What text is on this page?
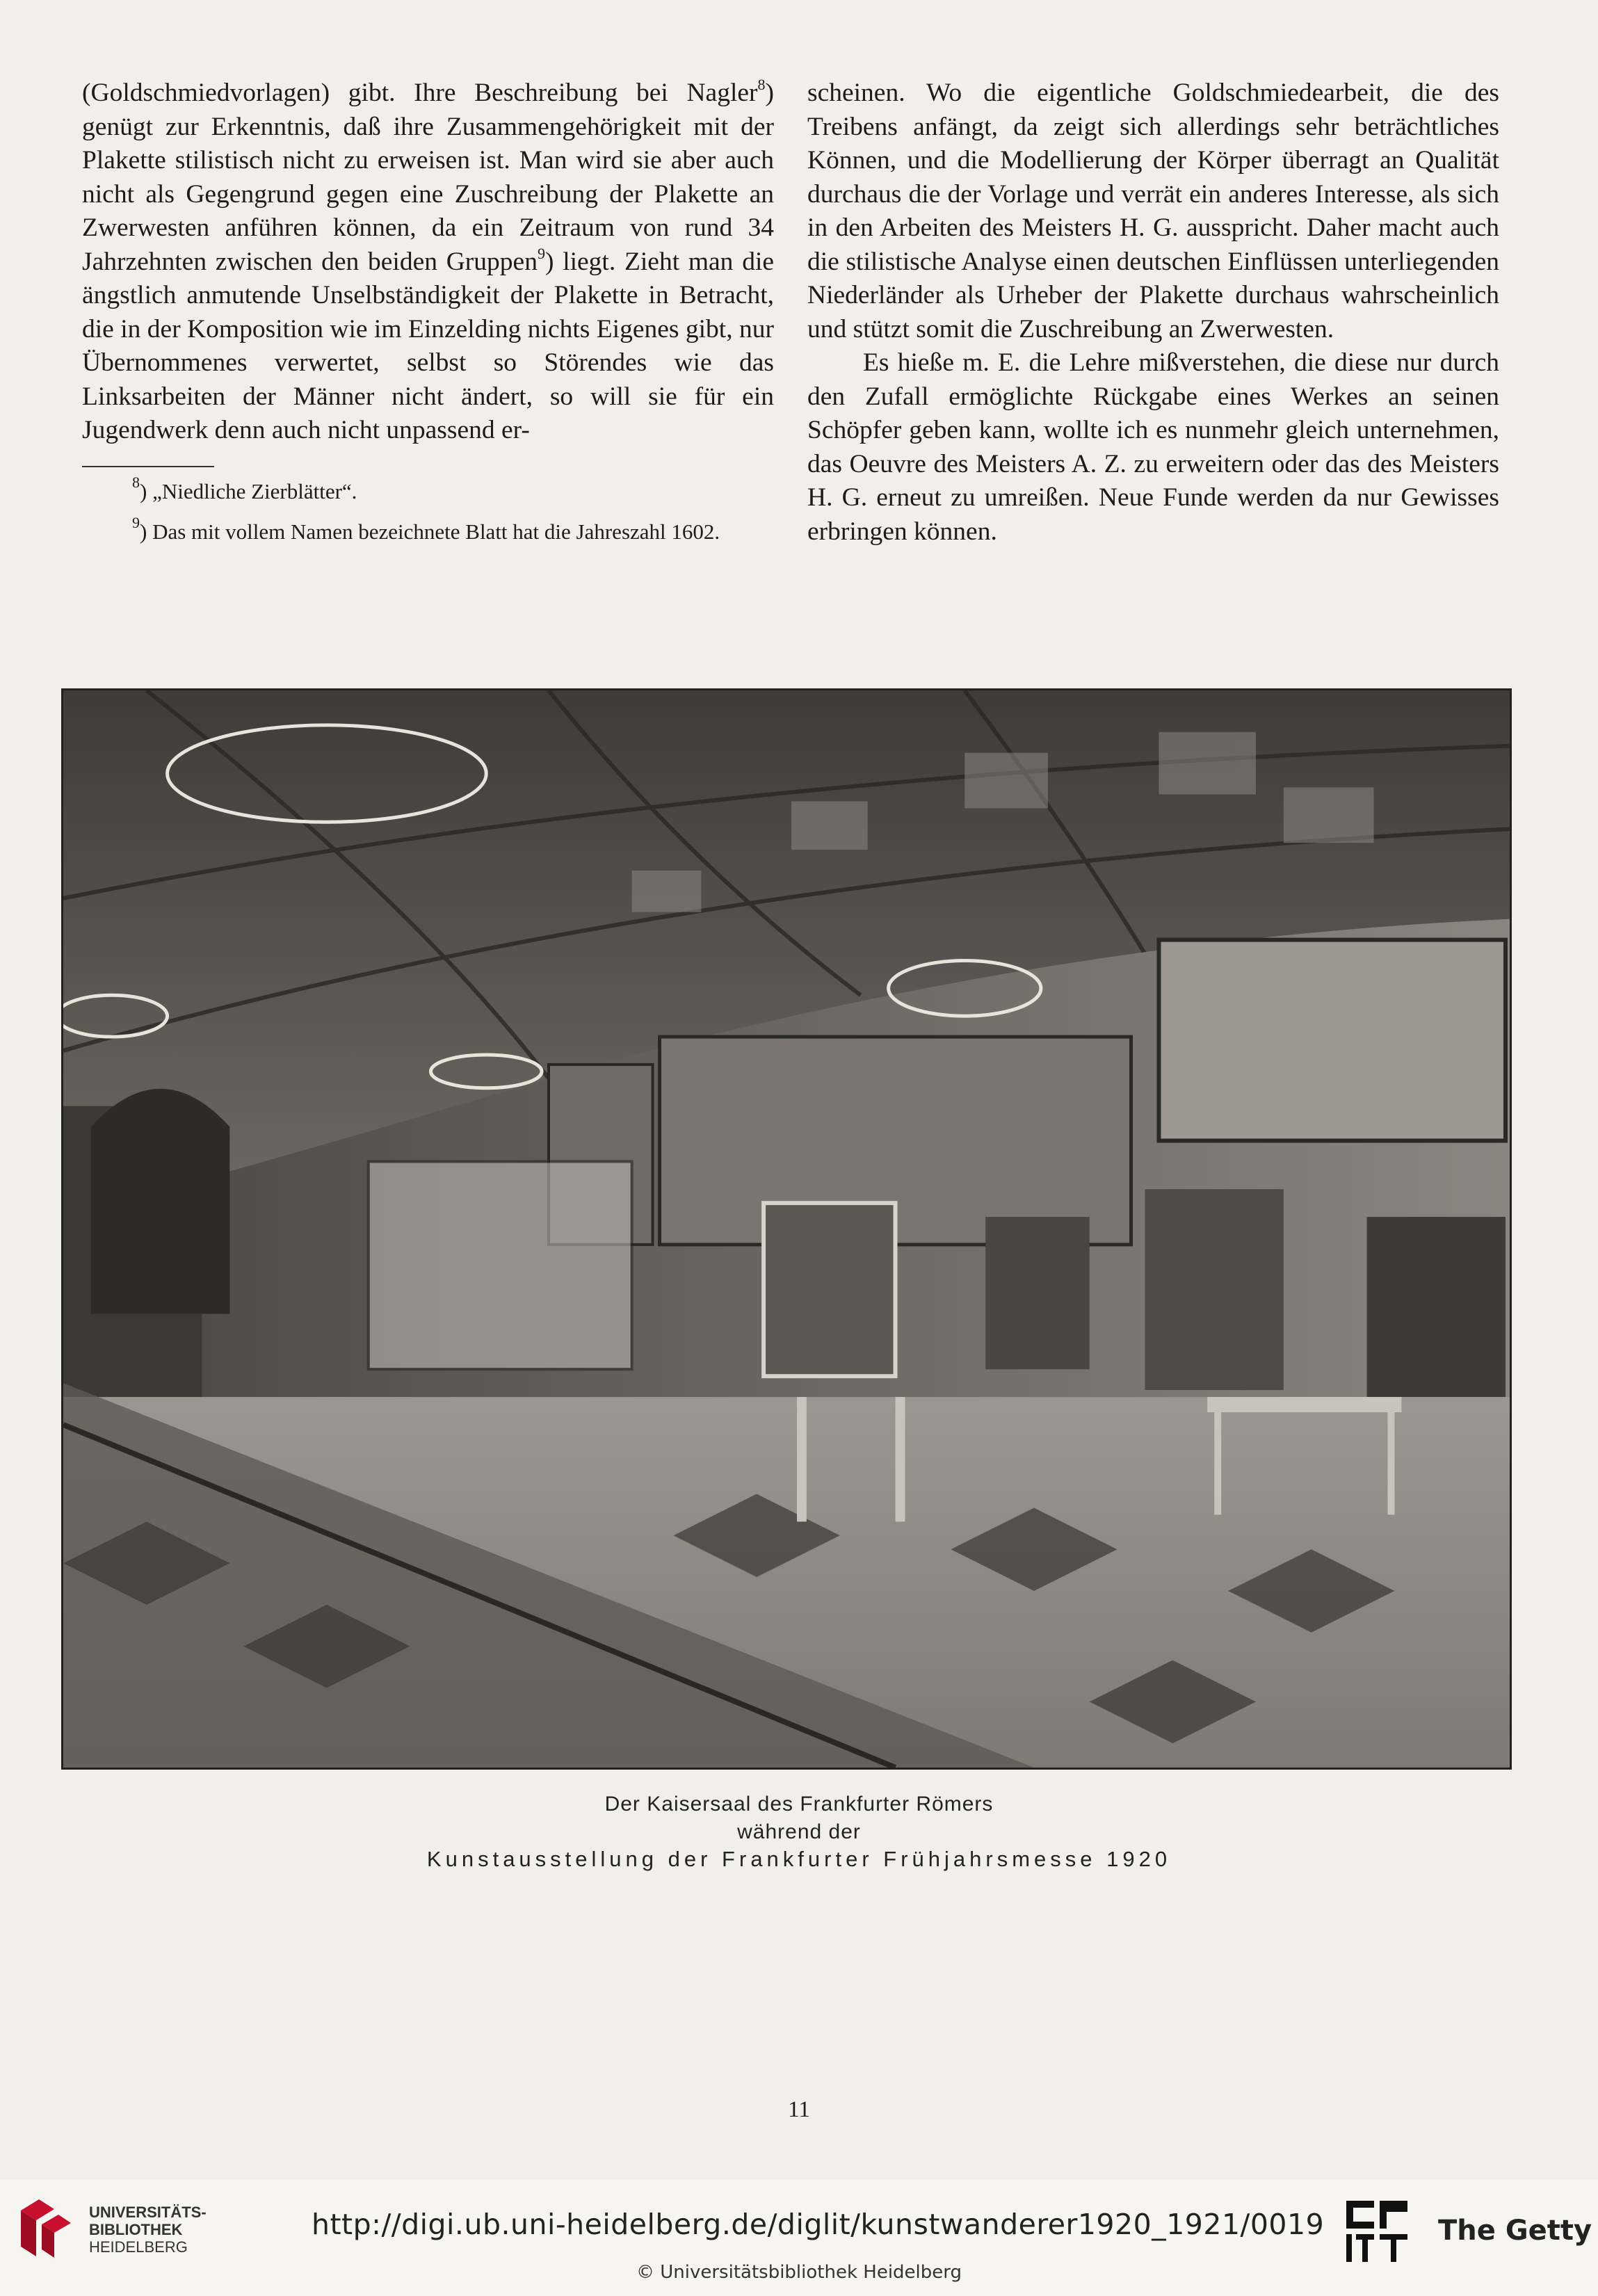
(Goldschmiedvorlagen) gibt. Ihre Beschreibung bei Nagler$^8$) genügt zur Erkenntnis, daß ihre Zusammengehörigkeit mit der Plakette stilistisch nicht zu erweisen ist. Man wird sie aber auch nicht als Gegengrund gegen eine Zuschreibung der Plakette an Zwerwesten anführen können, da ein Zeitraum von rund 34 Jahrzehnten zwischen den beiden Gruppen$^9$) liegt. Zieht man die ängstlich anmutende Unselbständigkeit der Plakette in Betracht, die in der Komposition wie im Einzelding nichts Eigenes gibt, nur Übernommenes verwertet, selbst so Störendes wie das Linksarbeiten der Männer nicht ändert, so will sie für ein Jugendwerk denn auch nicht unpassend er-

$^8$) „Niedliche Zierblätter“.

$^9$) Das mit vollem Namen bezeichnete Blatt hat die Jahreszahl 1602.

scheinen. Wo die eigentliche Goldschmiedearbeit, die des Treibens anfängt, da zeigt sich allerdings sehr beträchtliches Können, und die Modellierung der Körper überragt an Qualität durchaus die der Vorlage und verrät ein anderes Interesse, als sich in den Arbeiten des Meisters H. G. ausspricht. Daher macht auch die stilistische Analyse einen deutschen Einflüssen unterliegenden Niederländer als Urheber der Plakette durchaus wahrscheinlich und stützt somit die Zuschreibung an Zwerwesten.

Es hieße m. E. die Lehre mißverstehen, die diese nur durch den Zufall ermöglichte Rückgabe eines Werkes an seinen Schöpfer geben kann, wollte ich es nunmehr gleich unternehmen, das Oeuvre des Meisters A. Z. zu erweitern oder das des Meisters H. G. erneut zu umreißen. Neue Funde werden da nur Gewisses erbringen können.

Der Kaisersaal des Frankfurter Römers
während der
Kunstausstellung der Frankfurter Frühjahrsmesse 1920
11
UNIVERSITÄTS-
BIBLIOTHEK
HEIDELBERG
http://digi.ub.uni-heidelberg.de/diglit/kunstwanderer1920_1921/0019
© Universitätsbibliothek Heidelberg
The Getty
